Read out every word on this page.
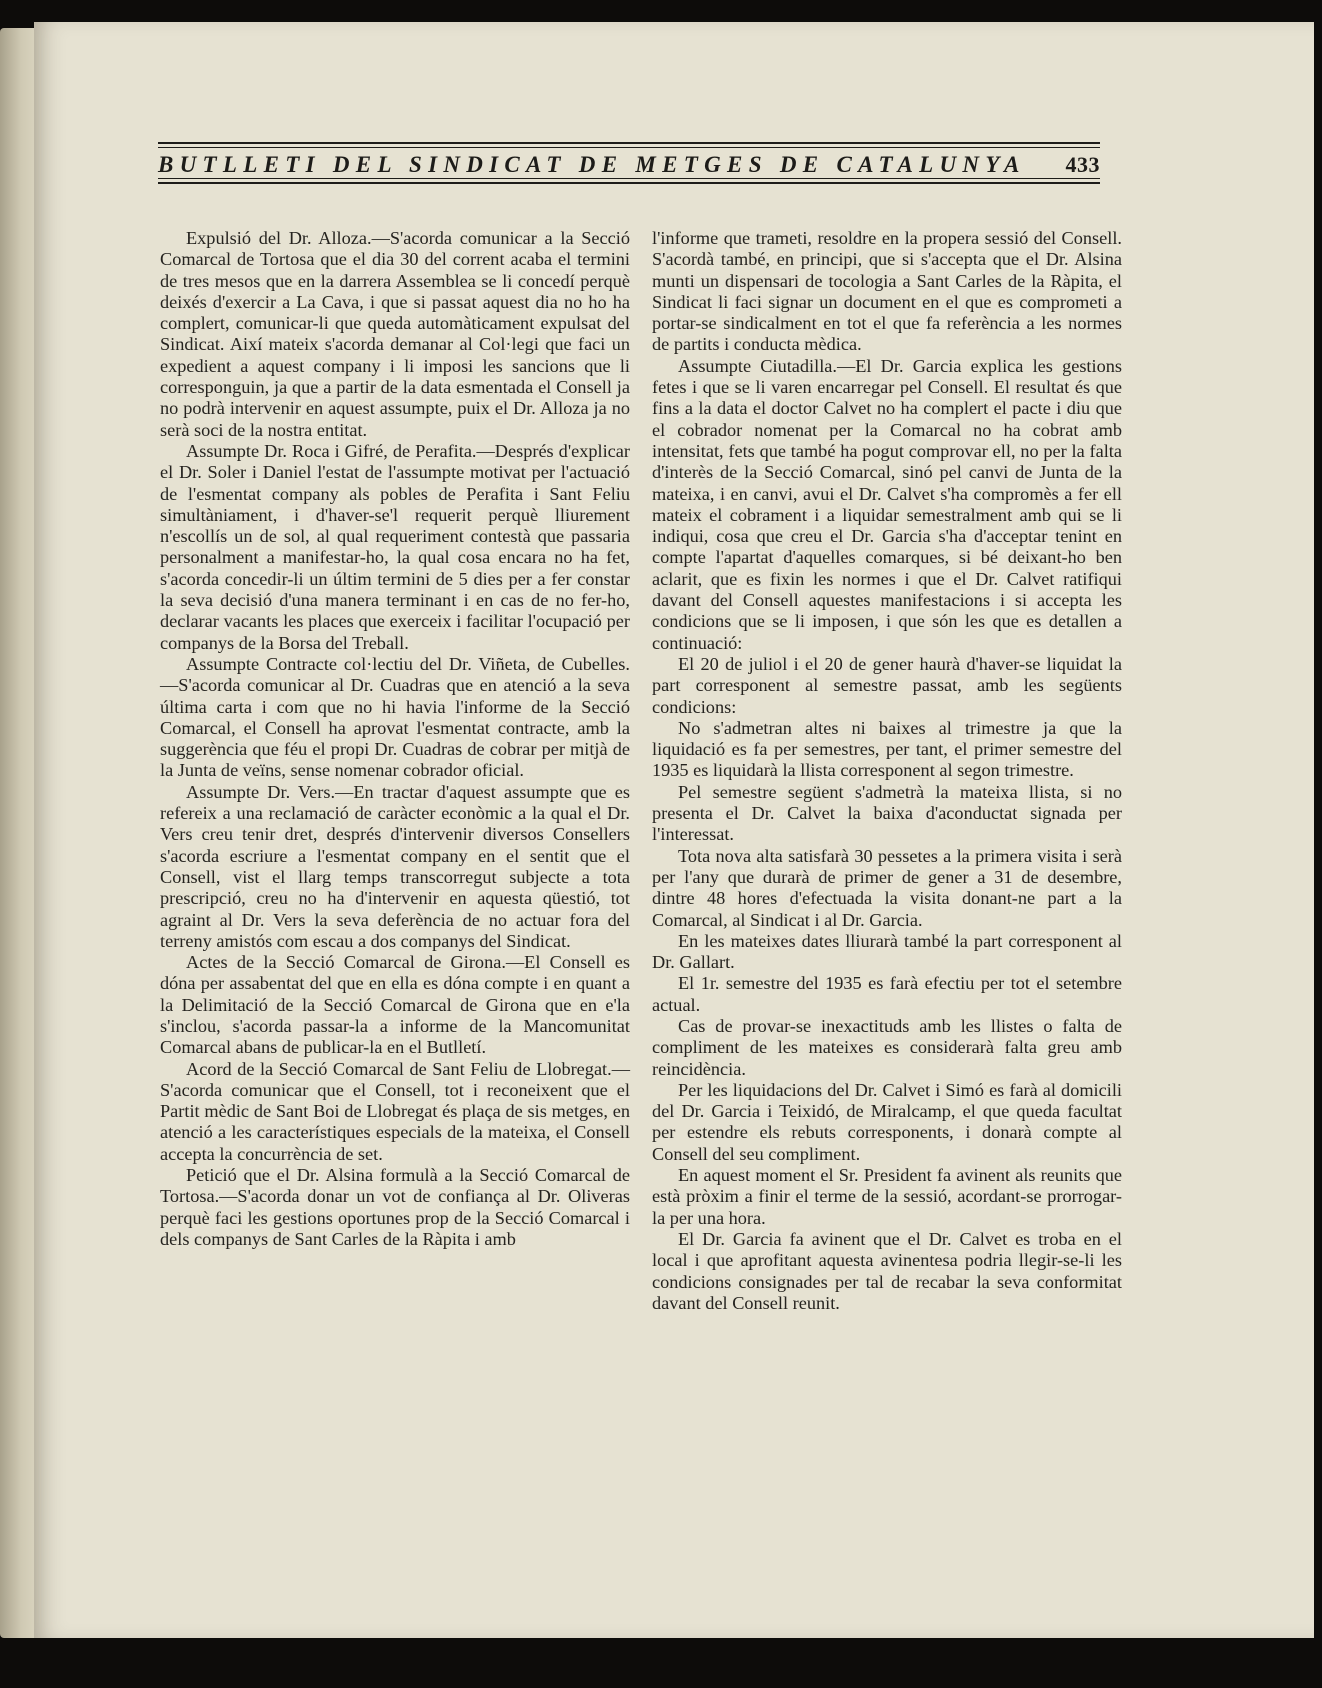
BUTLLETI DEL SINDICAT DE METGES DE CATALUNYA 433

Expulsió del Dr. Alloza.—S'acorda comunicar a la Secció Comarcal de Tortosa que el dia 30 del corrent acaba el termini de tres mesos que en la darrera Assemblea se li concedí perquè deixés d'exercir a La Cava, i que si passat aquest dia no ho ha complert, comunicar-li que queda automàticament expulsat del Sindicat. Així mateix s'acorda demanar al Col·legi que faci un expedient a aquest company i li imposi les sancions que li corresponguin, ja que a partir de la data esmentada el Consell ja no podrà intervenir en aquest assumpte, puix el Dr. Alloza ja no serà soci de la nostra entitat.

Assumpte Dr. Roca i Gifré, de Perafita.—Després d'explicar el Dr. Soler i Daniel l'estat de l'assumpte motivat per l'actuació de l'esmentat company als pobles de Perafita i Sant Feliu simultàniament, i d'haver-se'l requerit perquè lliurement n'escollís un de sol, al qual requeriment contestà que passaria personalment a manifestar-ho, la qual cosa encara no ha fet, s'acorda concedir-li un últim termini de 5 dies per a fer constar la seva decisió d'una manera terminant i en cas de no fer-ho, declarar vacants les places que exerceix i facilitar l'ocupació per companys de la Borsa del Treball.

Assumpte Contracte col·lectiu del Dr. Viñeta, de Cubelles.—S'acorda comunicar al Dr. Cuadras que en atenció a la seva última carta i com que no hi havia l'informe de la Secció Comarcal, el Consell ha aprovat l'esmentat contracte, amb la suggerència que féu el propi Dr. Cuadras de cobrar per mitjà de la Junta de veïns, sense nomenar cobrador oficial.

Assumpte Dr. Vers.—En tractar d'aquest assumpte que es refereix a una reclamació de caràcter econòmic a la qual el Dr. Vers creu tenir dret, després d'intervenir diversos Consellers s'acorda escriure a l'esmentat company en el sentit que el Consell, vist el llarg temps transcorregut subjecte a tota prescripció, creu no ha d'intervenir en aquesta qüestió, tot agraint al Dr. Vers la seva deferència de no actuar fora del terreny amistós com escau a dos companys del Sindicat.

Actes de la Secció Comarcal de Girona.—El Consell es dóna per assabentat del que en ella es dóna compte i en quant a la Delimitació de la Secció Comarcal de Girona que en e'la s'inclou, s'acorda passar-la a informe de la Mancomunitat Comarcal abans de publicar-la en el Butlletí.

Acord de la Secció Comarcal de Sant Feliu de Llobregat.—S'acorda comunicar que el Consell, tot i reconeixent que el Partit mèdic de Sant Boi de Llobregat és plaça de sis metges, en atenció a les característiques especials de la mateixa, el Consell accepta la concurrència de set.

Petició que el Dr. Alsina formulà a la Secció Comarcal de Tortosa.—S'acorda donar un vot de confiança al Dr. Oliveras perquè faci les gestions oportunes prop de la Secció Comarcal i dels companys de Sant Carles de la Ràpita i amb

l'informe que trameti, resoldre en la propera sessió del Consell. S'acordà també, en principi, que si s'accepta que el Dr. Alsina munti un dispensari de tocologia a Sant Carles de la Ràpita, el Sindicat li faci signar un document en el que es comprometi a portar-se sindicalment en tot el que fa referència a les normes de partits i conducta mèdica.

Assumpte Ciutadilla.—El Dr. Garcia explica les gestions fetes i que se li varen encarregar pel Consell. El resultat és que fins a la data el doctor Calvet no ha complert el pacte i diu que el cobrador nomenat per la Comarcal no ha cobrat amb intensitat, fets que també ha pogut comprovar ell, no per la falta d'interès de la Secció Comarcal, sinó pel canvi de Junta de la mateixa, i en canvi, avui el Dr. Calvet s'ha compromès a fer ell mateix el cobrament i a liquidar semestralment amb qui se li indiqui, cosa que creu el Dr. Garcia s'ha d'acceptar tenint en compte l'apartat d'aquelles comarques, si bé deixant-ho ben aclarit, que es fixin les normes i que el Dr. Calvet ratifiqui davant del Consell aquestes manifestacions i si accepta les condicions que se li imposen, i que són les que es detallen a continuació:

El 20 de juliol i el 20 de gener haurà d'haver-se liquidat la part corresponent al semestre passat, amb les següents condicions:

No s'admetran altes ni baixes al trimestre ja que la liquidació es fa per semestres, per tant, el primer semestre del 1935 es liquidarà la llista corresponent al segon trimestre.

Pel semestre següent s'admetrà la mateixa llista, si no presenta el Dr. Calvet la baixa d'aconductat signada per l'interessat.

Tota nova alta satisfarà 30 pessetes a la primera visita i serà per l'any que durarà de primer de gener a 31 de desembre, dintre 48 hores d'efectuada la visita donant-ne part a la Comarcal, al Sindicat i al Dr. Garcia.

En les mateixes dates lliurarà també la part corresponent al Dr. Gallart.

El 1r. semestre del 1935 es farà efectiu per tot el setembre actual.

Cas de provar-se inexactituds amb les llistes o falta de compliment de les mateixes es considerarà falta greu amb reincidència.

Per les liquidacions del Dr. Calvet i Simó es farà al domicili del Dr. Garcia i Teixidó, de Miralcamp, el que queda facultat per estendre els rebuts corresponents, i donarà compte al Consell del seu compliment.

En aquest moment el Sr. President fa avinent als reunits que està pròxim a finir el terme de la sessió, acordant-se prorrogar-la per una hora.

El Dr. Garcia fa avinent que el Dr. Calvet es troba en el local i que aprofitant aquesta avinentesa podria llegir-se-li les condicions consignades per tal de recabar la seva conformitat davant del Consell reunit.
